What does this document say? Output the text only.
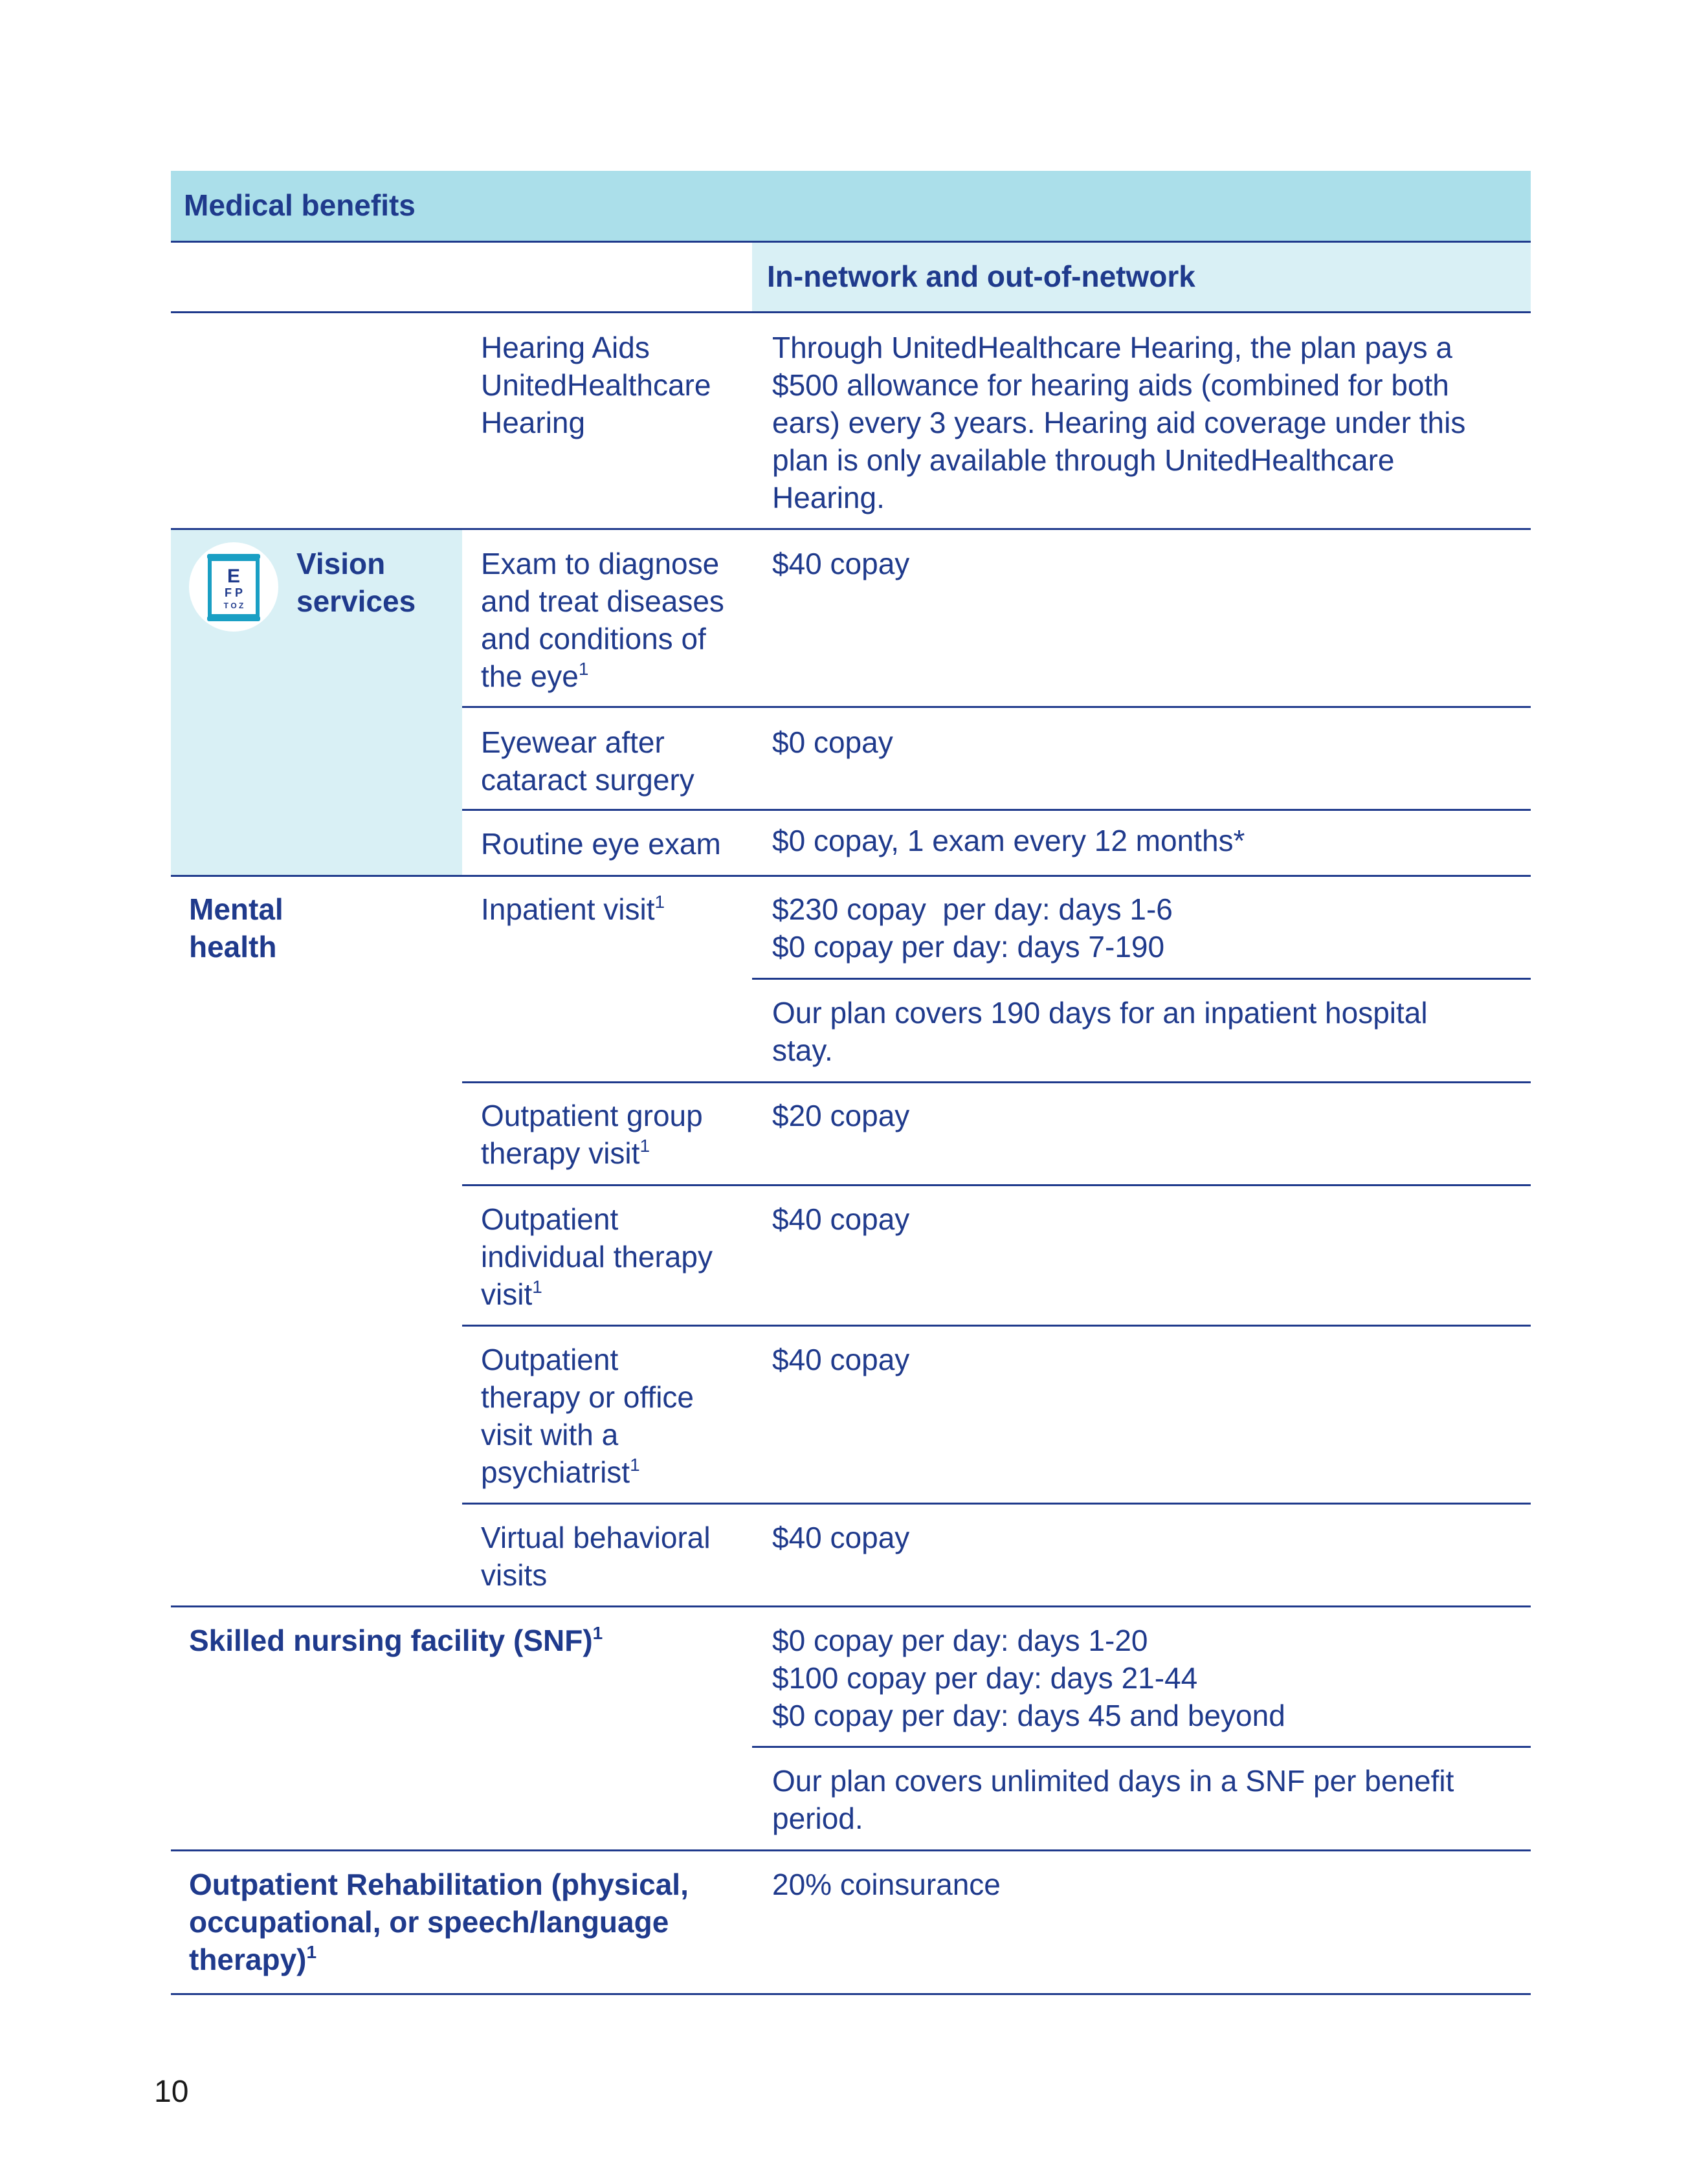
Medical benefits
In-network and out-of-network
Hearing Aids
UnitedHealthcare
Hearing
Through UnitedHealthcare Hearing, the plan pays a
$500 allowance for hearing aids (combined for both
ears) every 3 years. Hearing aid coverage under this
plan is only available through UnitedHealthcare
Hearing.
E
F P
T O Z
Vision
services
Exam to diagnose
and treat diseases
and conditions of
the eye$^1$
$40 copay
Eyewear after
cataract surgery
$0 copay
Routine eye exam $0 copay, 1 exam every 12 months*
Mental
health
Inpatient visit$^1$	$230 copay  per day: days 1-6
$0 copay per day: days 7-190
Our plan covers 190 days for an inpatient hospital
stay.
Outpatient group
therapy visit$^1$
$20 copay
Outpatient
individual therapy
visit$^1$
$40 copay
Outpatient
therapy or office
visit with a
psychiatrist$^1$
$40 copay
Virtual behavioral
visits
$40 copay
Skilled nursing facility (SNF)$^1$	$0 copay per day: days 1-20
$100 copay per day: days 21-44
$0 copay per day: days 45 and beyond
Our plan covers unlimited days in a SNF per benefit
period.
Outpatient Rehabilitation (physical,
occupational, or speech/language
therapy)$^1$
20% coinsurance
10
